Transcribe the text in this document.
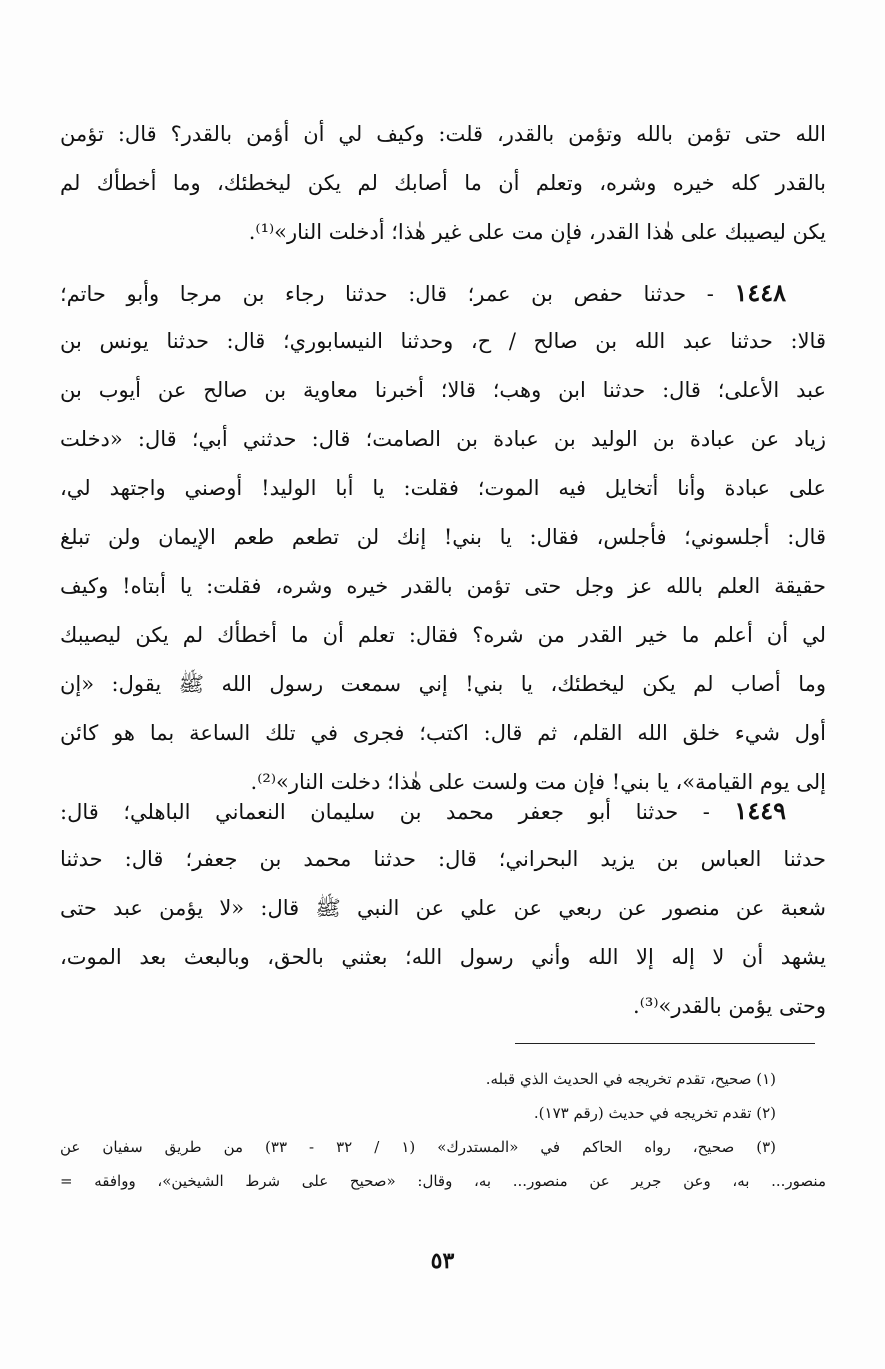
الله حتى تؤمن بالله وتؤمن بالقدر، قلت: وكيف لي أن أؤمن بالقدر؟ قال: تؤمن
بالقدر كله خيره وشره، وتعلم أن ما أصابك لم يكن ليخطئك، وما أخطأك لم
يكن ليصيبك على هٰذا القدر، فإن مت على غير هٰذا؛ أدخلت النار»⁽¹⁾.
١٤٤٨ - حدثنا حفص بن عمر؛ قال: حدثنا رجاء بن مرجا وأبو حاتم؛
قالا: حدثنا عبد الله بن صالح / ح، وحدثنا النيسابوري؛ قال: حدثنا يونس بن
عبد الأعلى؛ قال: حدثنا ابن وهب؛ قالا؛ أخبرنا معاوية بن صالح عن أيوب بن
زياد عن عبادة بن الوليد بن عبادة بن الصامت؛ قال: حدثني أبي؛ قال: «دخلت
على عبادة وأنا أتخايل فيه الموت؛ فقلت: يا أبا الوليد! أوصني واجتهد لي،
قال: أجلسوني؛ فأجلس، فقال: يا بني! إنك لن تطعم طعم الإيمان ولن تبلغ
حقيقة العلم بالله عز وجل حتى تؤمن بالقدر خيره وشره، فقلت: يا أبتاه! وكيف
لي أن أعلم ما خير القدر من شره؟ فقال: تعلم أن ما أخطأك لم يكن ليصيبك
وما أصاب لم يكن ليخطئك، يا بني! إني سمعت رسول الله ﷺ يقول: «إن
أول شيء خلق الله القلم، ثم قال: اكتب؛ فجرى في تلك الساعة بما هو كائن
إلى يوم القيامة»، يا بني! فإن مت ولست على هٰذا؛ دخلت النار»⁽²⁾.
١٤٤٩ - حدثنا أبو جعفر محمد بن سليمان النعماني الباهلي؛ قال:
حدثنا العباس بن يزيد البحراني؛ قال: حدثنا محمد بن جعفر؛ قال: حدثنا
شعبة عن منصور عن ربعي عن علي عن النبي ﷺ قال: «لا يؤمن عبد حتى
يشهد أن لا إله إلا الله وأني رسول الله؛ بعثني بالحق، وبالبعث بعد الموت،
وحتى يؤمن بالقدر»⁽³⁾.
(١) صحيح، تقدم تخريجه في الحديث الذي قبله.
(٢) تقدم تخريجه في حديث (رقم ١٧٣).
(٣) صحيح، رواه الحاكم في «المستدرك» (١ / ٣٢ - ٣٣) من طريق سفيان عن
منصور... به، وعن جرير عن منصور... به، وقال: «صحيح على شرط الشيخين»، ووافقه =
٥٣
